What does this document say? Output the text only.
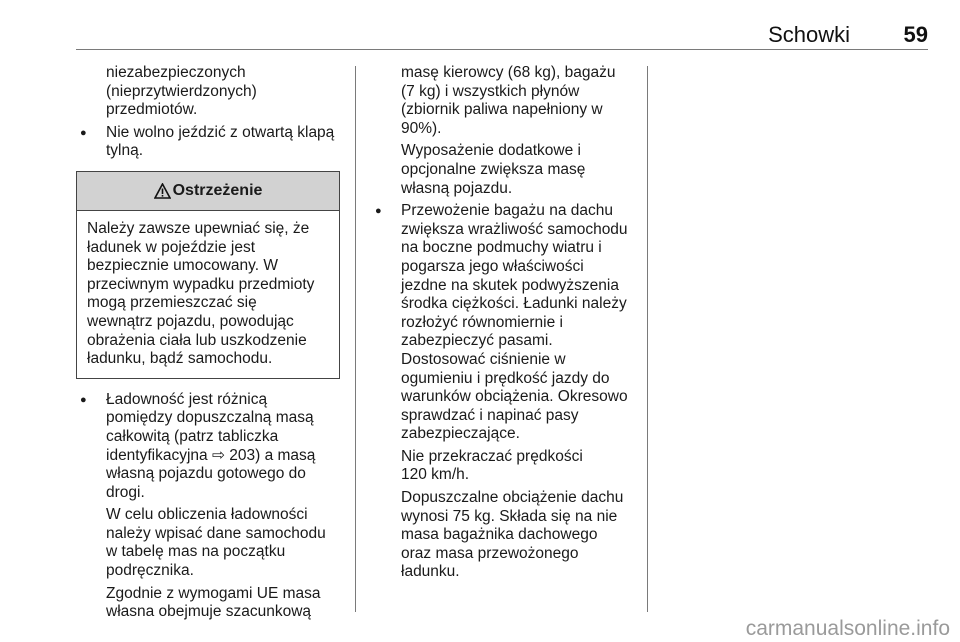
Schowki	59
niezabezpieczonych
(nieprzytwierdzonych)
przedmiotów.
● Nie wolno jeździć z otwartą klapą
tylną.
Ostrzeżenie
Należy zawsze upewniać się, że
ładunek w pojeździe jest
bezpiecznie umocowany. W
przeciwnym wypadku przedmioty
mogą przemieszczać się
wewnątrz pojazdu, powodując
obrażenia ciała lub uszkodzenie
ładunku, bądź samochodu.
● Ładowność jest różnicą
pomiędzy dopuszczalną masą
całkowitą (patrz tabliczka
identyfikacyjna ⇨ 203) a masą
własną pojazdu gotowego do
drogi.
W celu obliczenia ładowności
należy wpisać dane samochodu
w tabelę mas na początku
podręcznika.
Zgodnie z wymogami UE masa
własna obejmuje szacunkową
masę kierowcy (68 kg), bagażu
(7 kg) i wszystkich płynów
(zbiornik paliwa napełniony w
90%).
Wyposażenie dodatkowe i
opcjonalne zwiększa masę
własną pojazdu.
● Przewożenie bagażu na dachu
zwiększa wrażliwość samochodu
na boczne podmuchy wiatru i
pogarsza jego właściwości
jezdne na skutek podwyższenia
środka ciężkości. Ładunki należy
rozłożyć równomiernie i
zabezpieczyć pasami.
Dostosować ciśnienie w
ogumieniu i prędkość jazdy do
warunków obciążenia. Okresowo
sprawdzać i napinać pasy
zabezpieczające.
Nie przekraczać prędkości
120 km/h.
Dopuszczalne obciążenie dachu
wynosi 75 kg. Składa się na nie
masa bagażnika dachowego
oraz masa przewożonego
ładunku.
carmanualsonline.info
